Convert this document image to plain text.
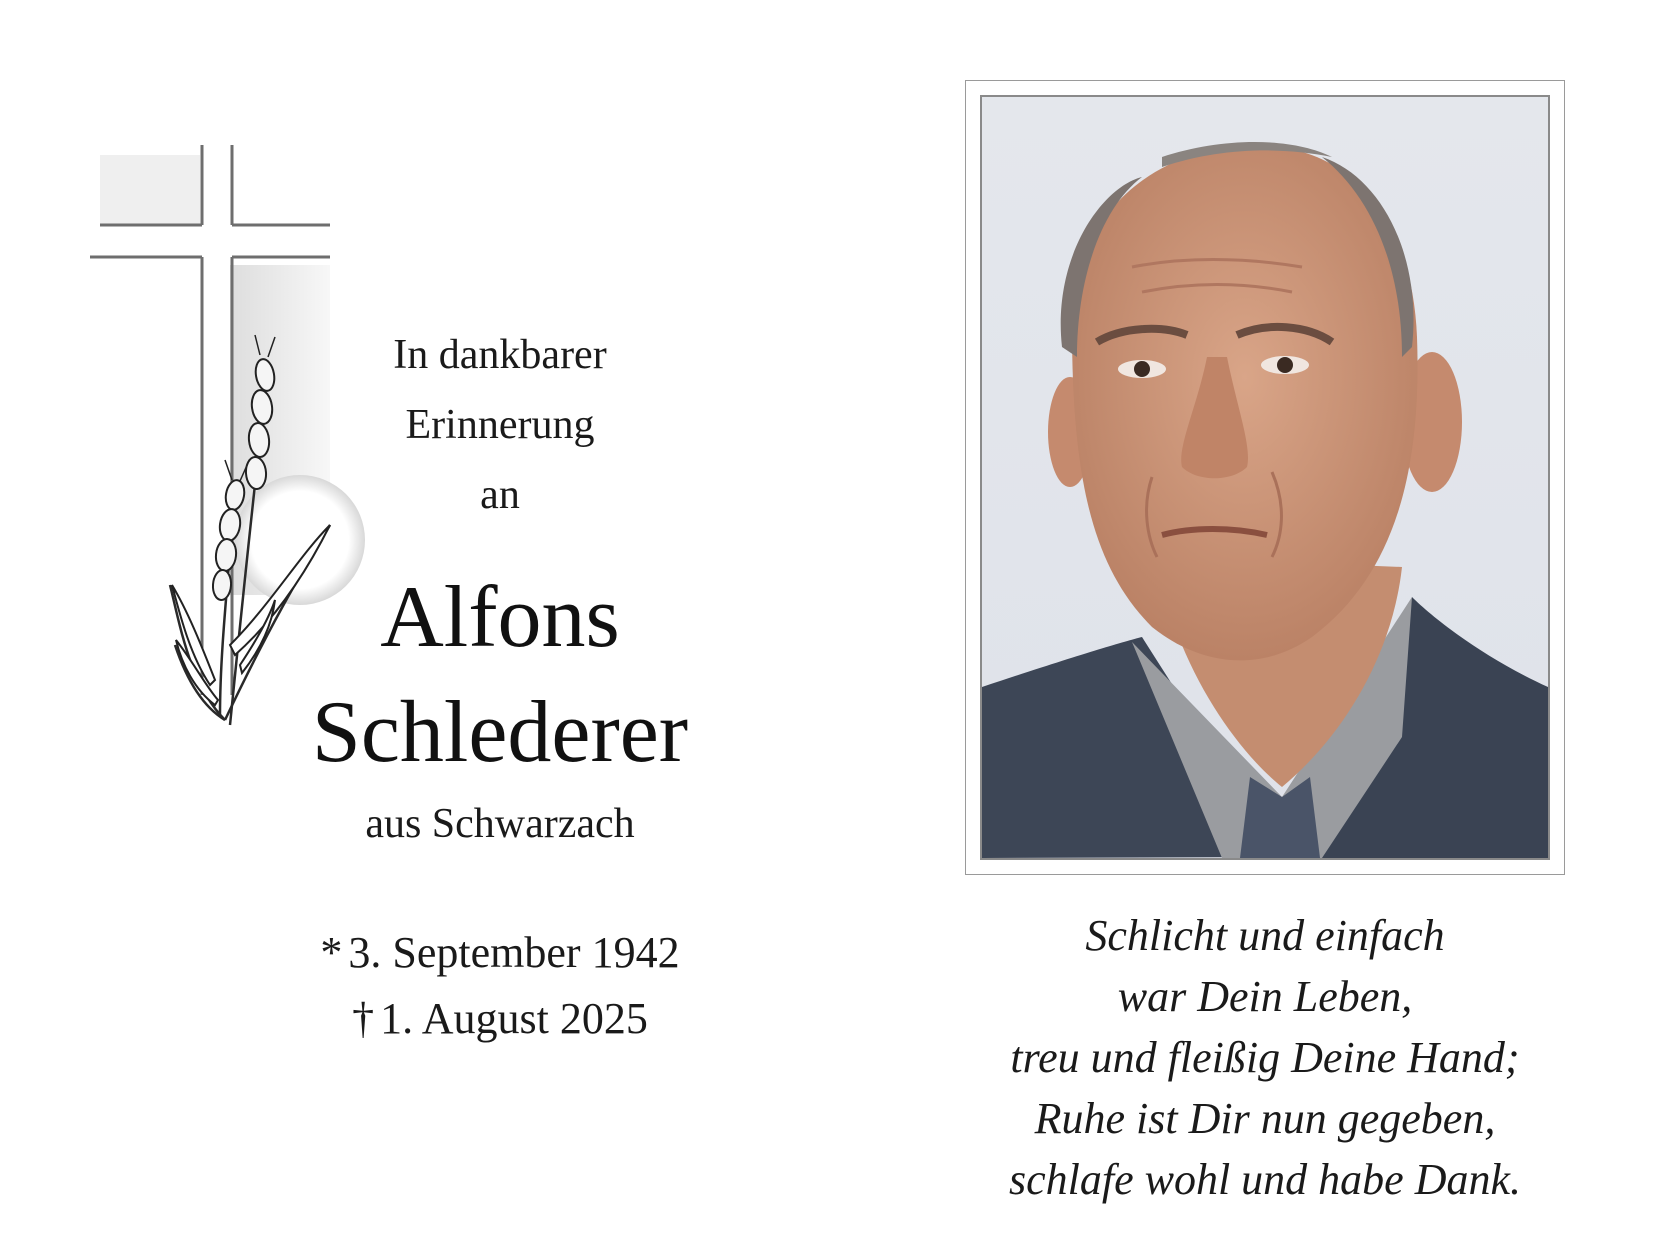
In dankbarer
Erinnerung
an
Alfons
Schlederer
aus Schwarzach
* 3. September 1942
† 1. August 2025
Schlicht und einfach
war Dein Leben,
treu und fleißig Deine Hand;
Ruhe ist Dir nun gegeben,
schlafe wohl und habe Dank.
